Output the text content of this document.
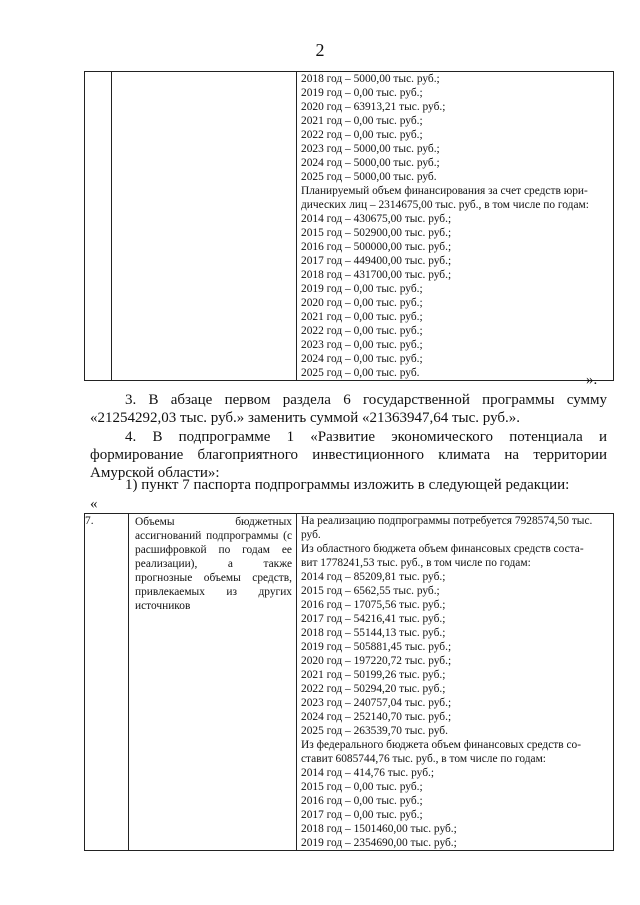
2

2018 год – 5000,00 тыс. руб.;
2019 год – 0,00 тыс. руб.;
2020 год – 63913,21 тыс. руб.;
2021 год – 0,00 тыс. руб.;
2022 год – 0,00 тыс. руб.;
2023 год – 5000,00 тыс. руб.;
2024 год – 5000,00 тыс. руб.;
2025 год – 5000,00 тыс. руб.
Планируемый объем финансирования за счет средств юри-
дических лиц – 2314675,00 тыс. руб., в том числе по годам:
2014 год – 430675,00 тыс. руб.;
2015 год – 502900,00 тыс. руб.;
2016 год – 500000,00 тыс. руб.;
2017 год – 449400,00 тыс. руб.;
2018 год – 431700,00 тыс. руб.;
2019 год – 0,00 тыс. руб.;
2020 год – 0,00 тыс. руб.;
2021 год – 0,00 тыс. руб.;
2022 год – 0,00 тыс. руб.;
2023 год – 0,00 тыс. руб.;
2024 год – 0,00 тыс. руб.;
2025 год – 0,00 тыс. руб.	».
3. В абзаце первом раздела 6 государственной программы сумму «21254292,03 тыс. руб.» заменить суммой «21363947,64 тыс. руб.».
4. В подпрограмме 1 «Развитие экономического потенциала и формирование благоприятного инвестиционного климата на территории Амурской области»:
1) пункт 7 паспорта подпрограммы изложить в следующей редакции:
«
7.	Объемы бюджетных ассигнований подпрограммы (с расшифровкой по годам ее реализации), а также прогнозные объемы средств, привлекаемых из других источников

На реализацию подпрограммы потребуется 7928574,50 тыс.
руб.
Из областного бюджета объем финансовых средств соста-
вит 1778241,53 тыс. руб., в том числе по годам:
2014 год – 85209,81 тыс. руб.;
2015 год – 6562,55 тыс. руб.;
2016 год – 17075,56 тыс. руб.;
2017 год – 54216,41 тыс. руб.;
2018 год – 55144,13 тыс. руб.;
2019 год – 505881,45 тыс. руб.;
2020 год – 197220,72 тыс. руб.;
2021 год – 50199,26 тыс. руб.;
2022 год – 50294,20 тыс. руб.;
2023 год – 240757,04 тыс. руб.;
2024 год – 252140,70 тыс. руб.;
2025 год – 263539,70 тыс. руб.
Из федерального бюджета объем финансовых средств со-
ставит 6085744,76 тыс. руб., в том числе по годам:
2014 год – 414,76 тыс. руб.;
2015 год – 0,00 тыс. руб.;
2016 год – 0,00 тыс. руб.;
2017 год – 0,00 тыс. руб.;
2018 год – 1501460,00 тыс. руб.;
2019 год – 2354690,00 тыс. руб.;
